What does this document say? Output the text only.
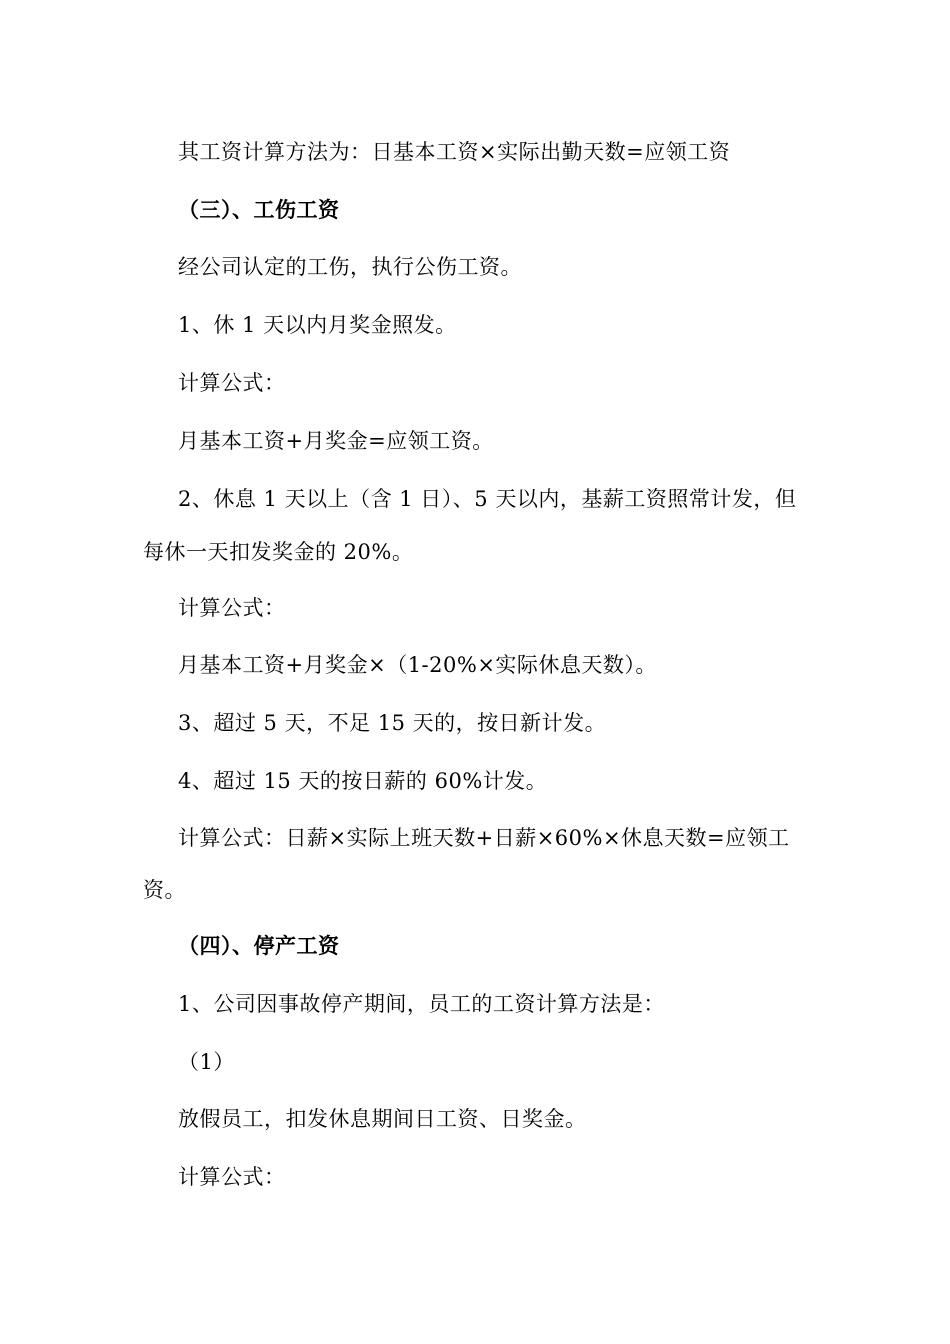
其工资计算方法为：日基本工资×实际出勤天数=应领工资
（三）、工伤工资
经公司认定的工伤，执行公伤工资。
1、休 1 天以内月奖金照发。
计算公式：
月基本工资+月奖金=应领工资。
2、休息 1 天以上（含 1 日）、5 天以内，基薪工资照常计发，但
每休一天扣发奖金的 20%。
计算公式：
月基本工资+月奖金×（1-20%×实际休息天数）。
3、超过 5 天，不足 15 天的，按日新计发。
4、超过 15 天的按日薪的 60%计发。
计算公式：日薪×实际上班天数+日薪×60%×休息天数=应领工
资。
（四）、停产工资
1、公司因事故停产期间，员工的工资计算方法是：
（1）
放假员工，扣发休息期间日工资、日奖金。
计算公式：
